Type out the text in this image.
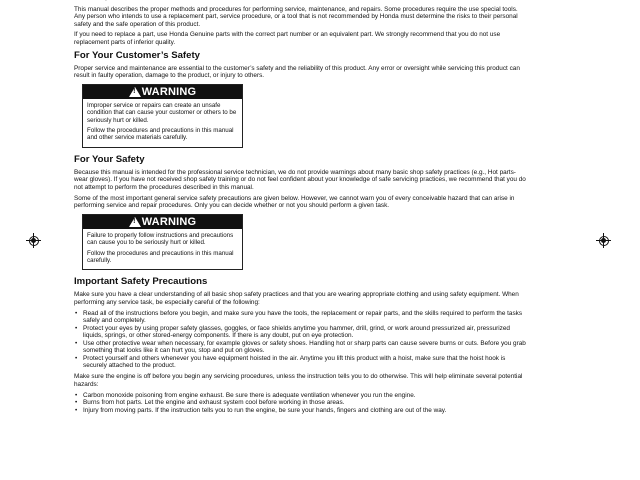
This manual describes the proper methods and procedures for performing service, maintenance, and repairs. Some procedures require the use special tools. Any person who intends to use a replacement part, service procedure, or a tool that is not recommended by Honda must determine the risks to their personal safety and the safe operation of this product.

If you need to replace a part, use Honda Genuine parts with the correct part number or an equivalent part. We strongly recommend that you do not use replacement parts of inferior quality.

For Your Customer’s Safety

Proper service and maintenance are essential to the customer’s safety and the reliability of this product. Any error or oversight while servicing this product can result in faulty operation, damage to the product, or injury to others.

!
WARNING

Improper service or repairs can create an unsafe condition that can cause your customer or others to be seriously hurt or killed.

Follow the procedures and precautions in this manual and other service materials carefully.

For Your Safety

Because this manual is intended for the professional service technician, we do not provide warnings about many basic shop safety practices (e.g., Hot parts-wear gloves). If you have not received shop safety training or do not feel confident about your knowledge of safe servicing practices, we recommend that you do not attempt to perform the procedures described in this manual.

Some of the most important general service safety precautions are given below. However, we cannot warn you of every conceivable hazard that can arise in performing service and repair procedures. Only you can decide whether or not you should perform a given task.

!
WARNING

Failure to properly follow instructions and precautions can cause you to be seriously hurt or killed.

Follow the procedures and precautions in this manual carefully.

Important Safety Precautions

Make sure you have a clear understanding of all basic shop safety practices and that you are wearing appropriate clothing and using safety equipment. When performing any service task, be especially careful of the following:

• Read all of the instructions before you begin, and make sure you have the tools, the replacement or repair parts, and the skills required to perform the tasks safely and completely.
• Protect your eyes by using proper safety glasses, goggles, or face shields anytime you hammer, drill, grind, or work around pressurized air, pressurized liquids, springs, or other stored-energy components. If there is any doubt, put on eye protection.
• Use other protective wear when necessary, for example gloves or safety shoes. Handling hot or sharp parts can cause severe burns or cuts. Before you grab something that looks like it can hurt you, stop and put on gloves.
• Protect yourself and others whenever you have equipment hoisted in the air. Anytime you lift this product with a hoist, make sure that the hoist hook is securely attached to the product.

Make sure the engine is off before you begin any servicing procedures, unless the instruction tells you to do otherwise. This will help eliminate several potential hazards:

• Carbon monoxide poisoning from engine exhaust. Be sure there is adequate ventilation whenever you run the engine.
• Burns from hot parts. Let the engine and exhaust system cool before working in those areas.
• Injury from moving parts. If the instruction tells you to run the engine, be sure your hands, fingers and clothing are out of the way.
